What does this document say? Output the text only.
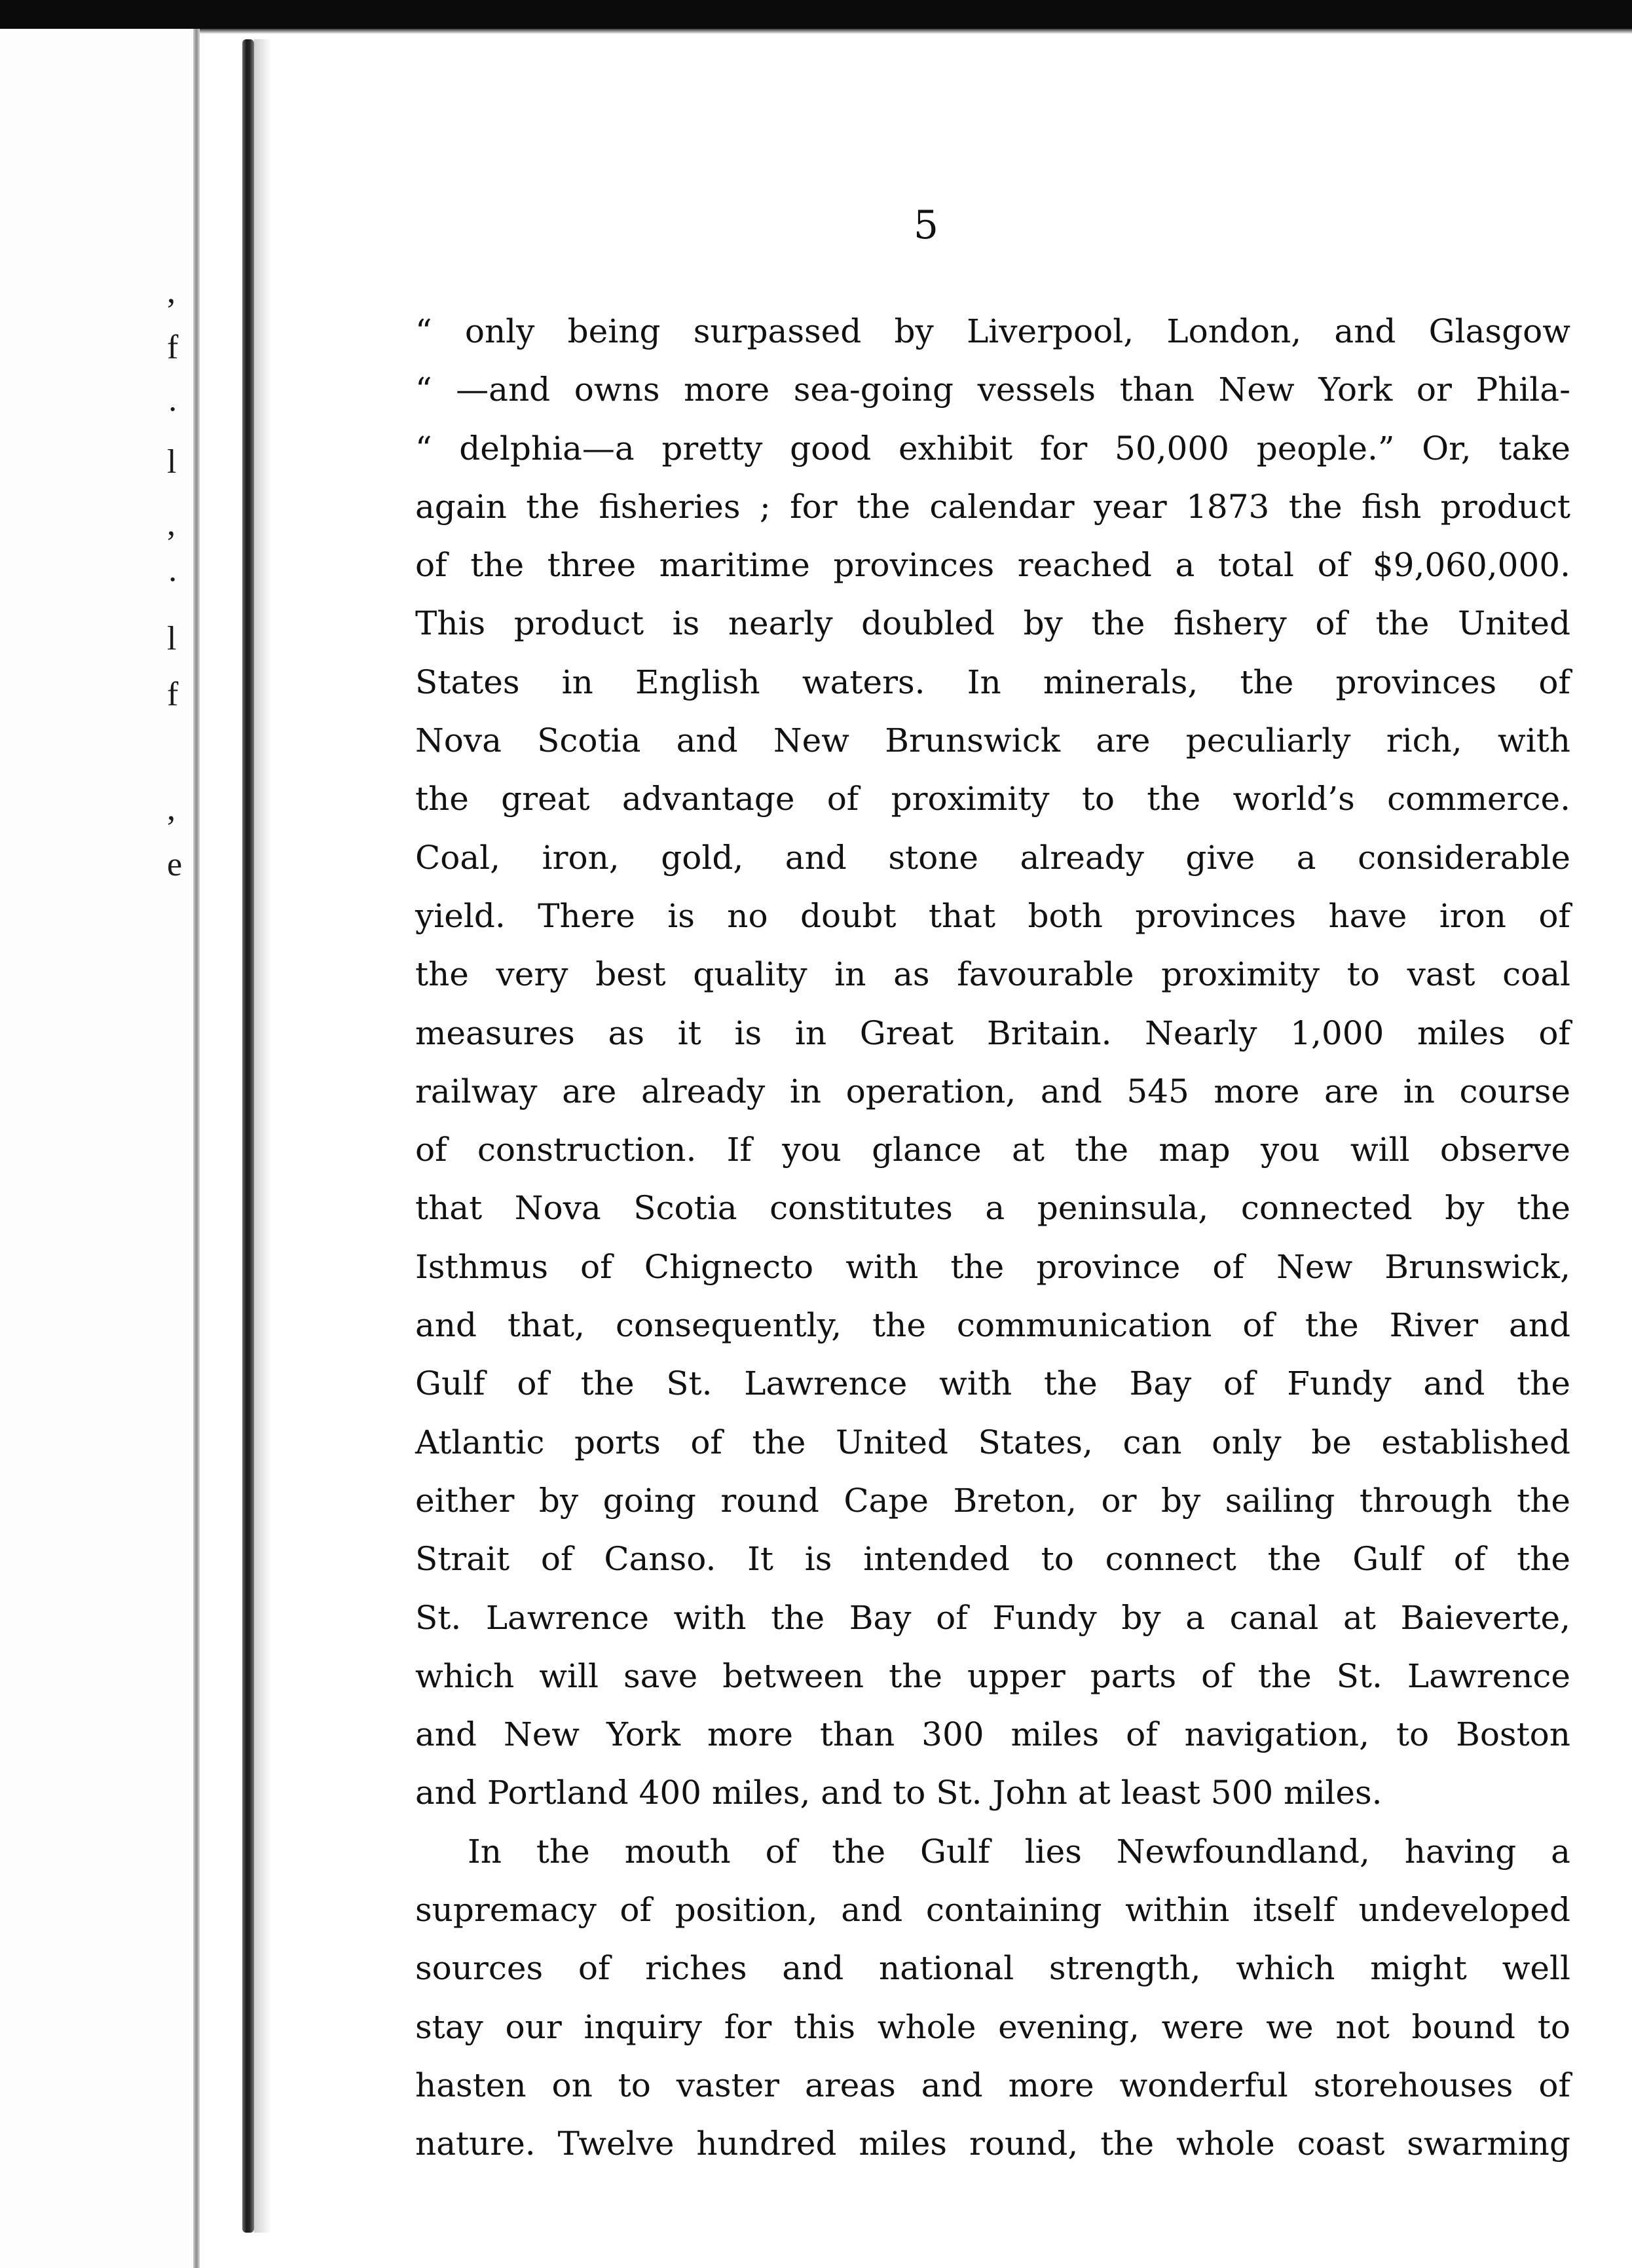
,
f
·
l
,
·
l
f
,
e
5
“ only being surpassed by Liverpool, London, and Glasgow
“ —and owns more sea-going vessels than New York or Phila-
“ delphia—a pretty good exhibit for 50,000 people.” Or, take
again the fisheries ; for the calendar year 1873 the fish product
of the three maritime provinces reached a total of $9,060,000.
This product is nearly doubled by the fishery of the United
States in English waters. In minerals, the provinces of
Nova Scotia and New Brunswick are peculiarly rich, with
the great advantage of proximity to the world’s commerce.
Coal, iron, gold, and stone already give a considerable
yield. There is no doubt that both provinces have iron of
the very best quality in as favourable proximity to vast coal
measures as it is in Great Britain. Nearly 1,000 miles of
railway are already in operation, and 545 more are in course
of construction. If you glance at the map you will observe
that Nova Scotia constitutes a peninsula, connected by the
Isthmus of Chignecto with the province of New Brunswick,
and that, consequently, the communication of the River and
Gulf of the St. Lawrence with the Bay of Fundy and the
Atlantic ports of the United States, can only be established
either by going round Cape Breton, or by sailing through the
Strait of Canso. It is intended to connect the Gulf of the
St. Lawrence with the Bay of Fundy by a canal at Baieverte,
which will save between the upper parts of the St. Lawrence
and New York more than 300 miles of navigation, to Boston
and Portland 400 miles, and to St. John at least 500 miles.
In the mouth of the Gulf lies Newfoundland, having a
supremacy of position, and containing within itself undeveloped
sources of riches and national strength, which might well
stay our inquiry for this whole evening, were we not bound to
hasten on to vaster areas and more wonderful storehouses of
nature. Twelve hundred miles round, the whole coast swarming
